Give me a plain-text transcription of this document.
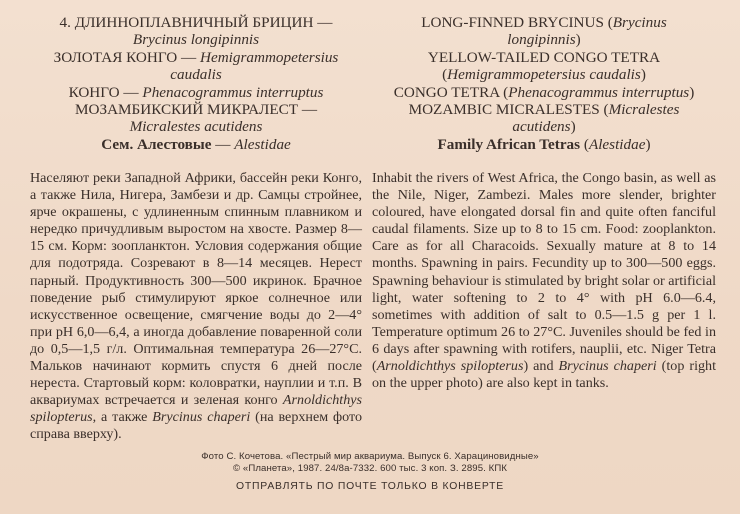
4. ДЛИННОПЛАВНИЧНЫЙ БРИЦИН —
Brycinus longipinnis
ЗОЛОТАЯ КОНГО — Hemigrammopetersius
caudalis
КОНГО — Phenacogrammus interruptus
МОЗАМБИКСКИЙ МИКРАЛЕСТ —
Micralestes acutidens
Сем. Алестовые — Alestidae

Населяют реки Западной Африки, бассейн реки Конго, а также Нила, Нигера, Замбези и др. Самцы стройнее, ярче окрашены, с удлиненным спинным плавником и нередко причудливым выростом на хвосте. Размер 8—15 см. Корм: зоопланктон. Условия содержания общие для подотряда. Созревают в 8—14 месяцев. Нерест парный. Продуктивность 300—500 икринок. Брачное поведение рыб стимулируют яркое солнечное или искусственное освещение, смягчение воды до 2—4° при pH 6,0—6,4, а иногда добавление поваренной соли до 0,5—1,5 г/л. Оптимальная температура 26—27°С. Мальков начинают кормить спустя 6 дней после нереста. Стартовый корм: коловратки, науплии и т.п. В аквариумах встречается и зеленая конго Arnoldichthys spilopterus, а также Brycinus chaperi (на верхнем фото справа вверху).

LONG-FINNED BRYCINUS (Brycinus
longipinnis)
YELLOW-TAILED CONGO TETRA
(Hemigrammopetersius caudalis)
CONGO TETRA (Phenacogrammus interruptus)
MOZAMBIC MICRALESTES (Micralestes
acutidens)
Family African Tetras (Alestidae)

Inhabit the rivers of West Africa, the Congo basin, as well as the Nile, Niger, Zambezi. Males more slender, brighter coloured, have elongated dorsal fin and quite often fanciful caudal filaments. Size up to 8 to 15 cm. Food: zooplankton. Care as for all Characoids. Sexually mature at 8 to 14 months. Spawning in pairs. Fecundity up to 300—500 eggs. Spawning behaviour is stimulated by bright solar or artificial light, water softening to 2 to 4° with pH 6.0—6.4, sometimes with addition of salt to 0.5—1.5 g per 1 l. Temperature optimum 26 to 27°C. Juveniles should be fed in 6 days after spawning with rotifers, nauplii, etc. Niger Tetra (Arnoldichthys spilopterus) and Brycinus chaperi (top right on the upper photo) are also kept in tanks.

Фото С. Кочетова. «Пестрый мир аквариума. Выпуск 6. Харациновидные»
© «Планета», 1987. 24/8а-7332. 600 тыс. 3 коп. З. 2895. КПК
ОТПРАВЛЯТЬ ПО ПОЧТЕ ТОЛЬКО В КОНВЕРТЕ
